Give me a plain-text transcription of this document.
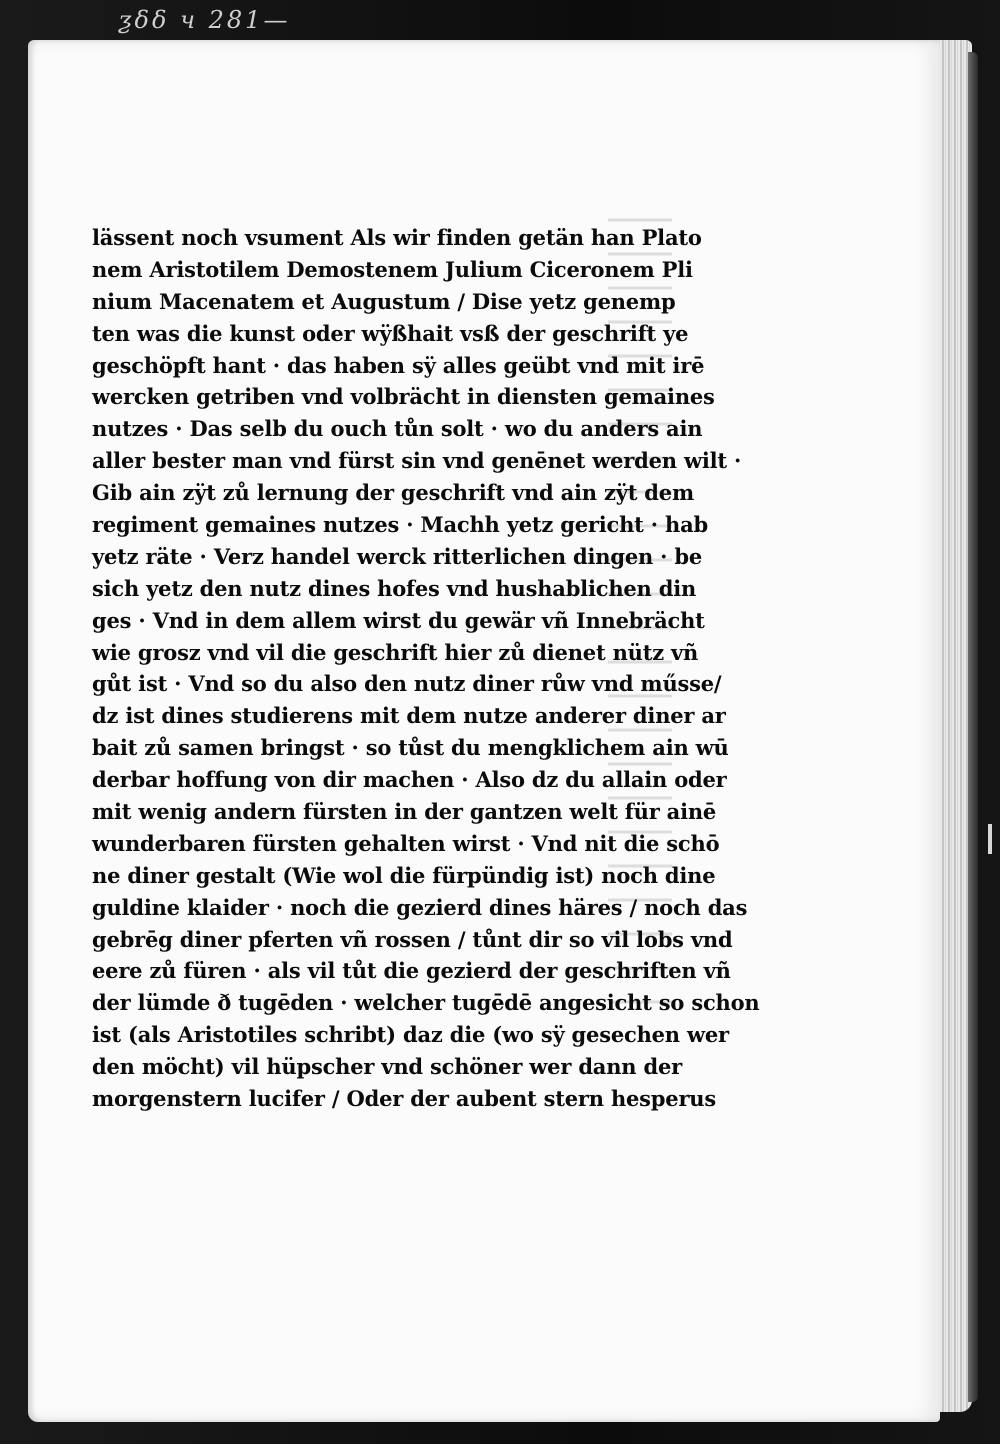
ƺδδ ч 281—
lässent noch vsument Als wir finden getän han Plato
nem Aristotilem Demostenem Julium Ciceronem Pli
nium Macenatem et Augustum / Dise yetz genemp
ten was die kunst oder wÿßhait vsß der geschrift ye
geschöpft hant · das haben sÿ alles geübt vnd mit irē
wercken getriben vnd volbrächt in diensten gemaines
nutzes · Das selb du ouch tůn solt · wo du anders ain
aller bester man vnd fürst sin vnd genēnet werden wilt ·
Gib ain zÿt zů lernung der geschrift vnd ain zÿt dem
regiment gemaines nutzes · Machh yetz gericht · hab
yetz räte · Verz handel werck ritterlichen dingen · be
sich yetz den nutz dines hofes vnd hushablichen din
ges · Vnd in dem allem wirst du gewär vñ Innebrächt
wie grosz vnd vil die geschrift hier zů dienet nütz vñ
gůt ist · Vnd so du also den nutz diner růw vnd műsse/
dz ist dines studierens mit dem nutze anderer diner ar
bait zů samen bringst · so tůst du mengklichem ain wū
derbar hoffung von dir machen · Also dz du allain oder
mit wenig andern fürsten in der gantzen welt für ainē
wunderbaren fürsten gehalten wirst · Vnd nit die schō
ne diner gestalt (Wie wol die fürpündig ist) noch dine
guldine klaider · noch die gezierd dines häres / noch das
gebrēg diner pferten vñ rossen / tůnt dir so vil lobs vnd
eere zů füren · als vil tůt die gezierd der geschriften vñ
der lümde ð tugēden · welcher tugēdē angesicht so schon
ist (als Aristotiles schribt) daz die (wo sÿ gesechen wer
den möcht) vil hüpscher vnd schöner wer dann der
morgenstern lucifer / Oder der aubent stern hesperus
